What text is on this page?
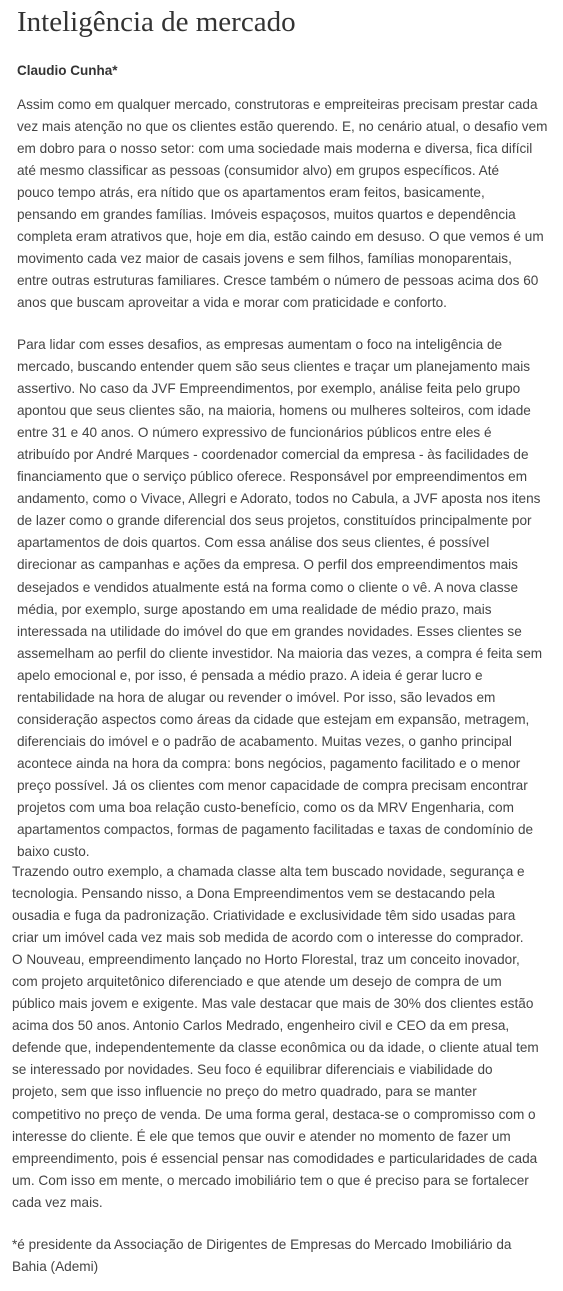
Inteligência de mercado

Claudio Cunha*

Assim como em qualquer mercado, construtoras e empreiteiras precisam prestar cada
vez mais atenção no que os clientes estão querendo. E, no cenário atual, o desafio vem
em dobro para o nosso setor: com uma sociedade mais moderna e diversa, fica difícil
até mesmo classificar as pessoas (consumidor alvo) em grupos específicos. Até
pouco tempo atrás, era nítido que os apartamentos eram feitos, basicamente,
pensando em grandes famílias. Imóveis espaçosos, muitos quartos e dependência
completa eram atrativos que, hoje em dia, estão caindo em desuso. O que vemos é um
movimento cada vez maior de casais jovens e sem filhos, famílias monoparentais,
entre outras estruturas familiares. Cresce também o número de pessoas acima dos 60
anos que buscam aproveitar a vida e morar com praticidade e conforto.
Para lidar com esses desafios, as empresas aumentam o foco na inteligência de
mercado, buscando entender quem são seus clientes e traçar um planejamento mais
assertivo. No caso da JVF Empreendimentos, por exemplo, análise feita pelo grupo
apontou que seus clientes são, na maioria, homens ou mulheres solteiros, com idade
entre 31 e 40 anos. O número expressivo de funcionários públicos entre eles é
atribuído por André Marques - coordenador comercial da empresa - às facilidades de
financiamento que o serviço público oferece. Responsável por empreendimentos em
andamento, como o Vivace, Allegri e Adorato, todos no Cabula, a JVF aposta nos itens
de lazer como o grande diferencial dos seus projetos, constituídos principalmente por
apartamentos de dois quartos. Com essa análise dos seus clientes, é possível
direcionar as campanhas e ações da empresa. O perfil dos empreendimentos mais
desejados e vendidos atualmente está na forma como o cliente o vê. A nova classe
média, por exemplo, surge apostando em uma realidade de médio prazo, mais
interessada na utilidade do imóvel do que em grandes novidades. Esses clientes se
assemelham ao perfil do cliente investidor. Na maioria das vezes, a compra é feita sem
apelo emocional e, por isso, é pensada a médio prazo. A ideia é gerar lucro e
rentabilidade na hora de alugar ou revender o imóvel. Por isso, são levados em
consideração aspectos como áreas da cidade que estejam em expansão, metragem,
diferenciais do imóvel e o padrão de acabamento. Muitas vezes, o ganho principal
acontece ainda na hora da compra: bons negócios, pagamento facilitado e o menor
preço possível. Já os clientes com menor capacidade de compra precisam encontrar
projetos com uma boa relação custo-benefício, como os da MRV Engenharia, com
apartamentos compactos, formas de pagamento facilitadas e taxas de condomínio de
baixo custo.
Trazendo outro exemplo, a chamada classe alta tem buscado novidade, segurança e
tecnologia. Pensando nisso, a Dona Empreendimentos vem se destacando pela
ousadia e fuga da padronização. Criatividade e exclusividade têm sido usadas para
criar um imóvel cada vez mais sob medida de acordo com o interesse do comprador.
O Nouveau, empreendimento lançado no Horto Florestal, traz um conceito inovador,
com projeto arquitetônico diferenciado e que atende um desejo de compra de um
público mais jovem e exigente. Mas vale destacar que mais de 30% dos clientes estão
acima dos 50 anos. Antonio Carlos Medrado, engenheiro civil e CEO da em presa,
defende que, independentemente da classe econômica ou da idade, o cliente atual tem
se interessado por novidades. Seu foco é equilibrar diferenciais e viabilidade do
projeto, sem que isso influencie no preço do metro quadrado, para se manter
competitivo no preço de venda. De uma forma geral, destaca-se o compromisso com o
interesse do cliente. É ele que temos que ouvir e atender no momento de fazer um
empreendimento, pois é essencial pensar nas comodidades e particularidades de cada
um. Com isso em mente, o mercado imobiliário tem o que é preciso para se fortalecer
cada vez mais.
*é presidente da Associação de Dirigentes de Empresas do Mercado Imobiliário da
Bahia (Ademi)
